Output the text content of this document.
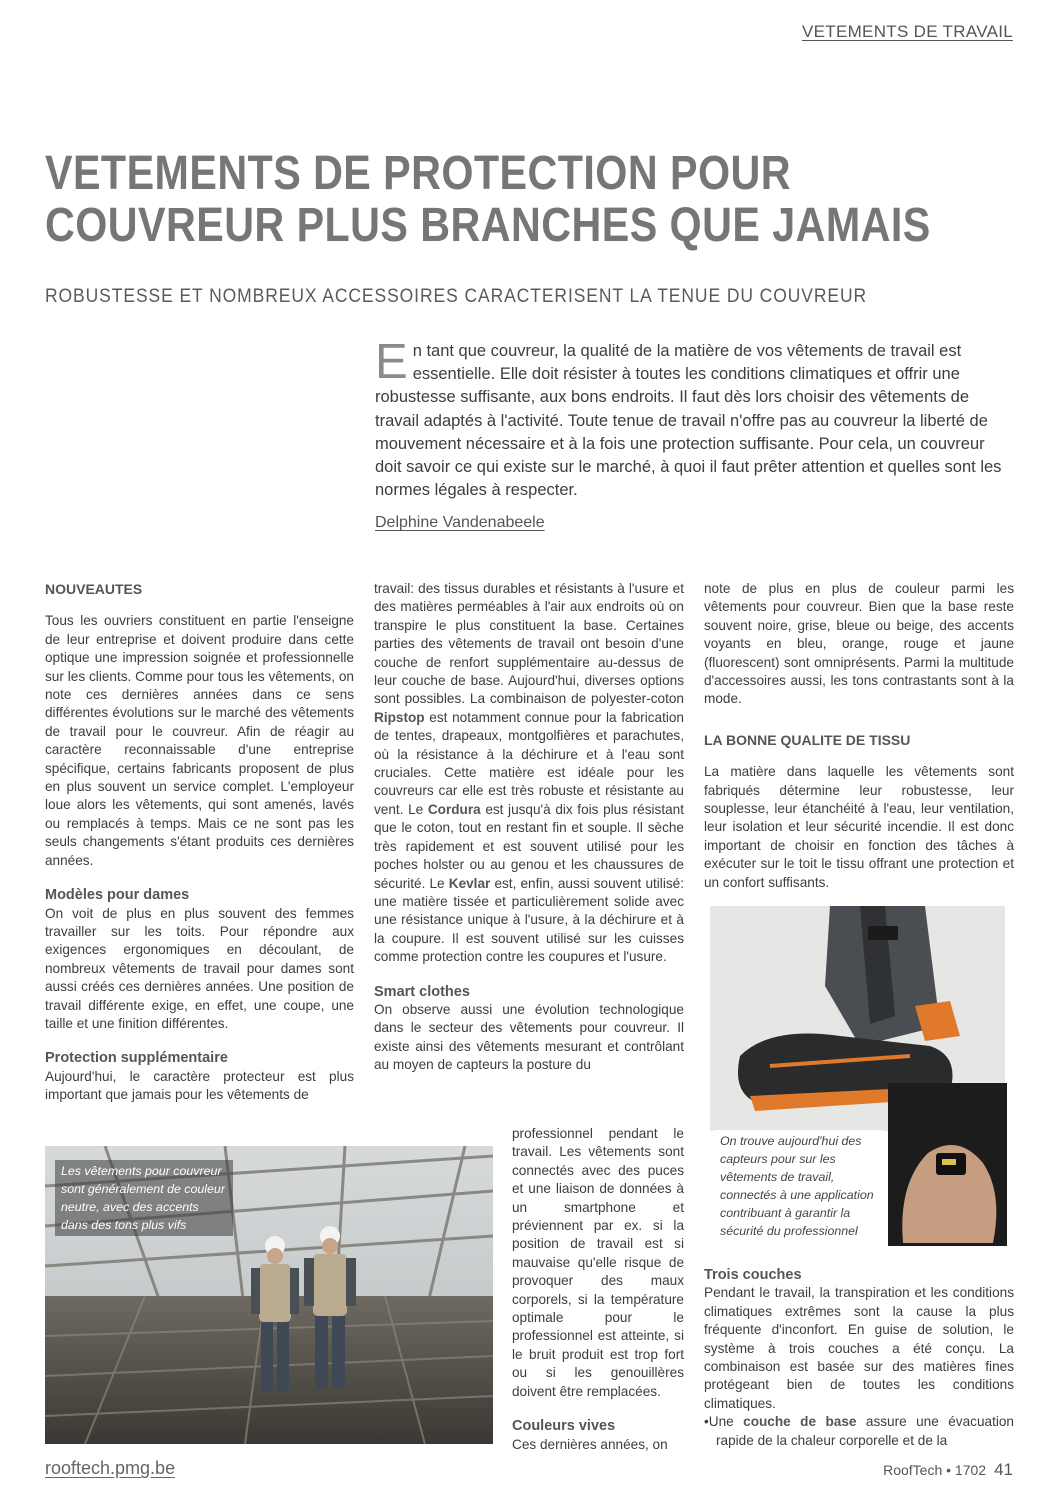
VETEMENTS DE TRAVAIL
VETEMENTS DE PROTECTION POUR
COUVREUR PLUS BRANCHES QUE JAMAIS
ROBUSTESSE ET NOMBREUX ACCESSOIRES CARACTERISENT LA TENUE DU COUVREUR
En tant que couvreur, la qualité de la matière de vos vêtements de travail est essentielle. Elle doit résister à toutes les conditions climatiques et offrir une robustesse suffisante, aux bons endroits. Il faut dès lors choisir des vêtements de travail adaptés à l'activité. Toute tenue de travail n'offre pas au couvreur la liberté de mouvement nécessaire et à la fois une protection suffisante. Pour cela, un couvreur doit savoir ce qui existe sur le marché, à quoi il faut prêter attention et quelles sont les normes légales à respecter.
Delphine Vandenabeele
NOUVEAUTES

Tous les ouvriers constituent en partie l'enseigne de leur entreprise et doivent produire dans cette optique une impression soignée et professionnelle sur les clients. Comme pour tous les vêtements, on note ces dernières années dans ce sens différentes évolutions sur le marché des vêtements de travail pour le couvreur. Afin de réagir au caractère reconnaissable d'une entreprise spécifique, certains fabricants proposent de plus en plus souvent un service complet. L'employeur loue alors les vêtements, qui sont amenés, lavés ou remplacés à temps. Mais ce ne sont pas les seuls changements s'étant produits ces dernières années.

Modèles pour dames

On voit de plus en plus souvent des femmes travailler sur les toits. Pour répondre aux exigences ergonomiques en découlant, de nombreux vêtements de travail pour dames sont aussi créés ces dernières années. Une position de travail différente exige, en effet, une coupe, une taille et une finition différentes.

Protection supplémentaire

Aujourd'hui, le caractère protecteur est plus important que jamais pour les vêtements de

travail: des tissus durables et résistants à l'usure et des matières perméables à l'air aux endroits où on transpire le plus constituent la base. Certaines parties des vêtements de travail ont besoin d'une couche de renfort supplémentaire au-dessus de leur couche de base. Aujourd'hui, diverses options sont possibles. La combinaison de polyester-coton Ripstop est notamment connue pour la fabrication de tentes, drapeaux, montgolfières et parachutes, où la résistance à la déchirure et à l'eau sont cruciales. Cette matière est idéale pour les couvreurs car elle est très robuste et résistante au vent. Le Cordura est jusqu'à dix fois plus résistant que le coton, tout en restant fin et souple. Il sèche très rapidement et est souvent utilisé pour les poches holster ou au genou et les chaussures de sécurité. Le Kevlar est, enfin, aussi souvent utilisé: une matière tissée et particulièrement solide avec une résistance unique à l'usure, à la déchirure et à la coupure. Il est souvent utilisé sur les cuisses comme protection contre les coupures et l'usure.

Smart clothes

On observe aussi une évolution technologique dans le secteur des vêtements pour couvreur. Il existe ainsi des vêtements mesurant et contrôlant au moyen de capteurs la posture du

professionnel pendant le travail. Les vêtements sont connectés avec des puces et une liaison de données à un smartphone et préviennent par ex. si la position de travail est si mauvaise qu'elle risque de provoquer des maux corporels, si la température optimale pour le professionnel est atteinte, si le bruit produit est trop fort ou si les genouillères doivent être remplacées.

Couleurs vives

Ces dernières années, on

note de plus en plus de couleur parmi les vêtements pour couvreur. Bien que la base reste souvent noire, grise, bleue ou beige, des accents voyants en bleu, orange, rouge et jaune (fluorescent) sont omniprésents. Parmi la multitude d'accessoires aussi, les tons contrastants sont à la mode.

LA BONNE QUALITE DE TISSU

La matière dans laquelle les vêtements sont fabriqués détermine leur robustesse, leur souplesse, leur étanchéité à l'eau, leur ventilation, leur isolation et leur sécurité incendie. Il est donc important de choisir en fonction des tâches à exécuter sur le toit le tissu offrant une protection et un confort suffisants.

Trois couches

Pendant le travail, la transpiration et les conditions climatiques extrêmes sont la cause la plus fréquente d'inconfort. En guise de solution, le système à trois couches a été conçu. La combinaison est basée sur des matières fines protégeant bien de toutes les conditions climatiques.

•Une couche de base assure une évacuation rapide de la chaleur corporelle et de la

Les vêtements pour couvreur sont généralement de couleur neutre, avec des accents dans des tons plus vifs
On trouve aujourd'hui des capteurs pour sur les vêtements de travail, connectés à une application contribuant à garantir la sécurité du professionnel
rooftech.pmg.be	RoofTech • 1702 41
